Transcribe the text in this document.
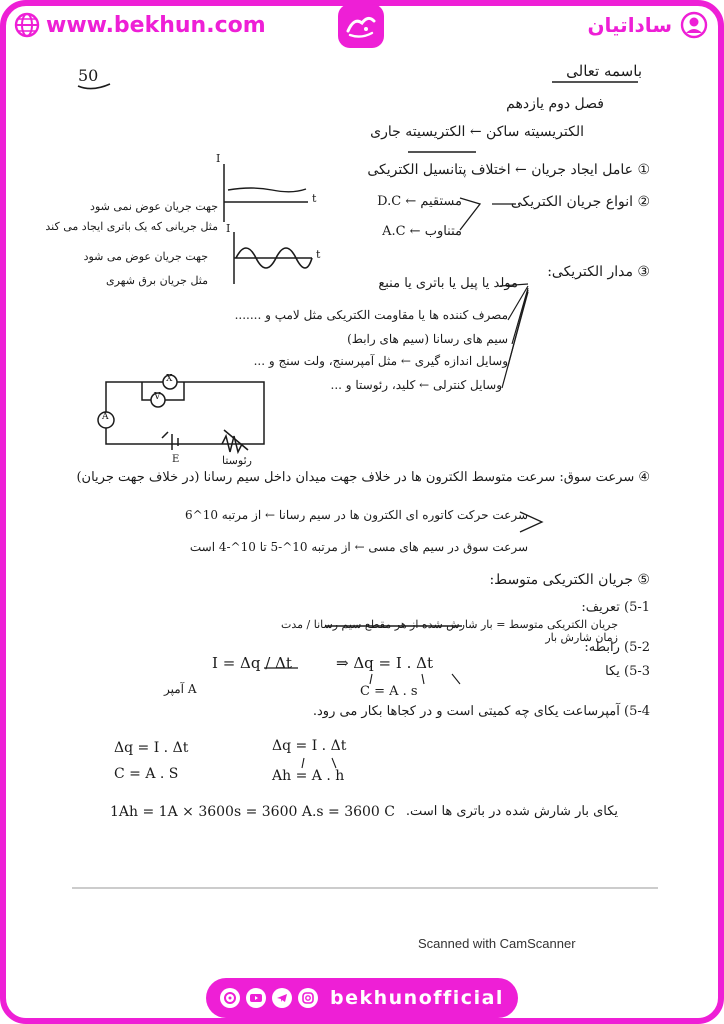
www.bekhun.com	ساداتیان
50	باسمه تعالی
فصل دوم یازدهم
الکتریسیته ساکن ← الکتریسیته جاری
① عامل ایجاد جریان ← اختلاف پتانسیل الکتریکی
I
t
I
t
② انواع جریان الکتریکی
مستقیم ← D.C
متناوب ← A.C
جهت جریان عوض نمی شود
مثل جریانی که یک باتری ایجاد می کند
جهت جریان عوض می شود
مثل جریان برق شهری
③ مدار الکتریکی:
مولد یا پیل یا باتری یا منبع
مصرف کننده ها یا مقاومت الکتریکی مثل لامپ و .......
سیم های رسانا (سیم های رابط)
وسایل اندازه گیری ← مثل آمپرسنج، ولت سنج و ...
وسایل کنترلی ← کلید، رئوستا و ...
X
V
A
E	رئوستا
④ سرعت سوق: سرعت متوسط الکترون ها در خلاف جهت میدان داخل سیم رسانا (در خلاف جهت جریان)
سرعت حرکت کاتوره ای الکترون ها در سیم رسانا ← از مرتبه 10^6
سرعت سوق در سیم های مسی ← از مرتبه 10^-5 تا 10^-4 است
⑤ جریان الکتریکی متوسط:
5-1) تعریف:
جریان الکتریکی متوسط = بار شارش شده از هر مقطع سیم رسانا / مدت زمان شارش بار
5-2) رابطه:
5-3) یکا
I = Δq / Δt	⇒ Δq = I . Δt
C = A . s
A آمپر
5-4) آمپرساعت یکای چه کمیتی است و در کجاها بکار می رود.
Δq = I . Δt
C = A . S
Δq = I . Δt
Ah = A . h
1Ah = 1A × 3600s = 3600 A.s = 3600 C یکای بار شارش شده در باتری ها است.
Scanned with CamScanner
bekhunofficial
